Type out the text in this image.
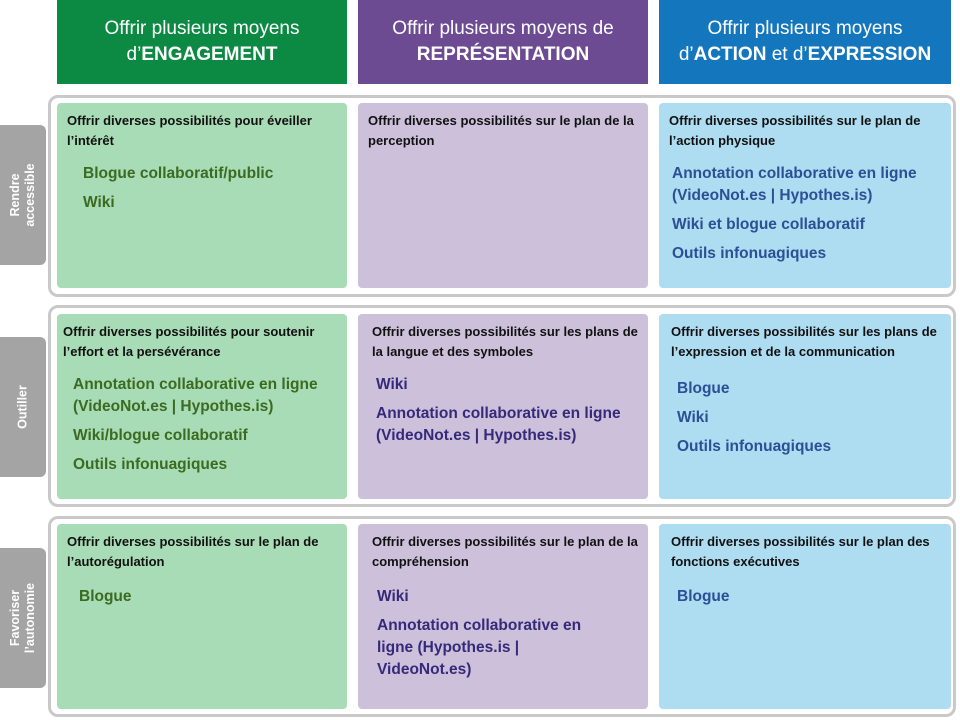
Offrir plusieurs moyens
d’ENGAGEMENT
Offrir plusieurs moyens de
REPRÉSENTATION
Offrir plusieurs moyens
d’ACTION et d’EXPRESSION
Rendre accessible
Offrir diverses possibilités pour éveiller l’intérêt
Blogue collaboratif/public
Wiki
Offrir diverses possibilités sur le plan de la perception
Offrir diverses possibilités sur le plan de l’action physique
Annotation collaborative en ligne (VideoNot.es | Hypothes.is)
Wiki et blogue collaboratif
Outils infonuagiques
Outiller
Offrir diverses possibilités pour soutenir l’effort et la persévérance
Annotation collaborative en ligne (VideoNot.es | Hypothes.is)
Wiki/blogue collaboratif
Outils infonuagiques
Offrir diverses possibilités sur les plans de la langue et des symboles
Wiki
Annotation collaborative en ligne (VideoNot.es | Hypothes.is)
Offrir diverses possibilités sur les plans de l’expression et de la communication
Blogue
Wiki
Outils infonuagiques
Favoriser l’autonomie
Offrir diverses possibilités sur le plan de l’autorégulation
Blogue
Offrir diverses possibilités sur le plan de la compréhension
Wiki
Annotation collaborative en ligne (Hypothes.is | VideoNot.es)
Offrir diverses possibilités sur le plan des fonctions exécutives
Blogue
